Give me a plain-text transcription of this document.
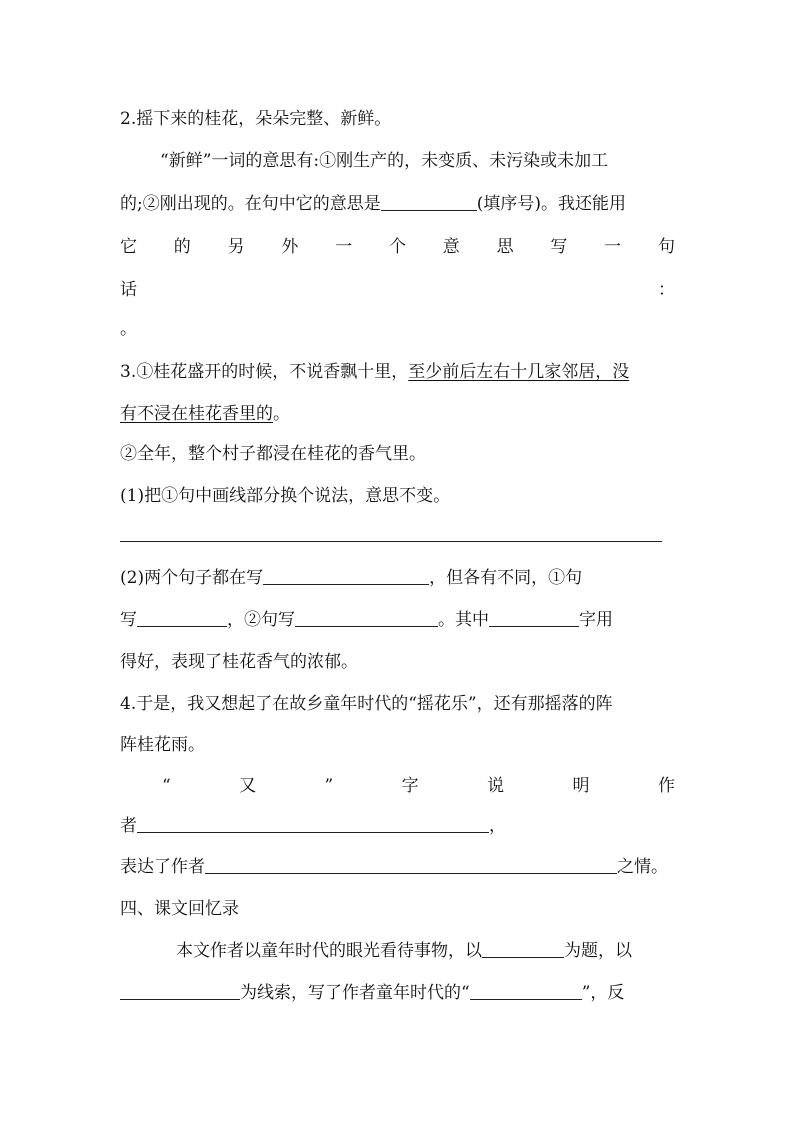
2.摇下来的桂花，朵朵完整、新鲜。
“新鲜”一词的意思有:①刚生产的，未变质、未污染或未加工
的;②刚出现的。在句中它的意思是	(填序号)。我还能用
它 的 另 外 一 个 意 思 写 一 句
话	：
。
3.①桂花盛开的时候，不说香飘十里，至少前后左右十几家邻居，没
有不浸在桂花香里的。
②全年，整个村子都浸在桂花的香气里。
(1)把①句中画线部分换个说法，意思不变。
(2)两个句子都在写	，但各有不同，①句
写	，②句写	。其中	字用
得好，表现了桂花香气的浓郁。
4.于是，我又想起了在故乡童年时代的“摇花乐”，还有那摇落的阵
阵桂花雨。
“	又	”	字	说	明	作
者	，
表达了作者	之情。
四、课文回忆录
本文作者以童年时代的眼光看待事物，以	为题，以
为线索，写了作者童年时代的“	”，反
